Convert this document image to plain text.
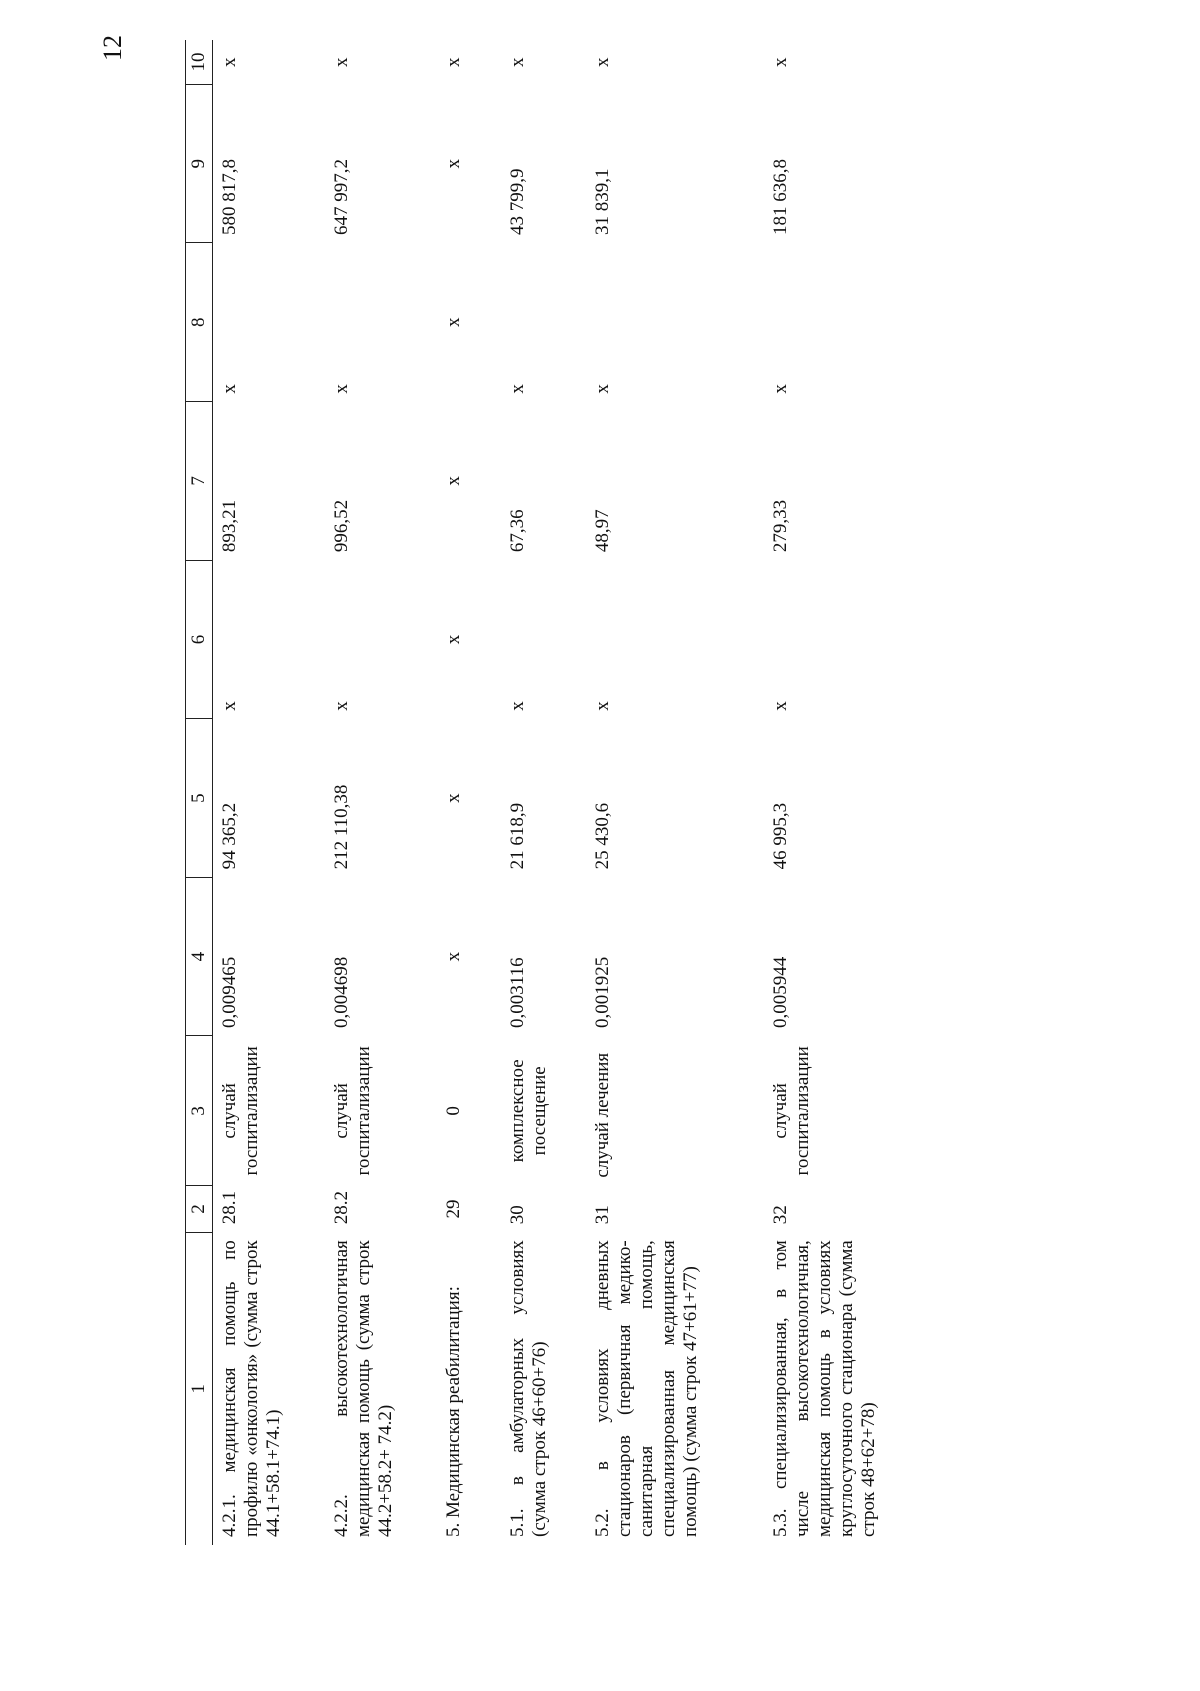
12
1	2	3	4	5	6	7	8	9	10
4.2.1. медицинская помощь по профилю «онкология» (сумма строк 44.1+58.1+74.1)	28.1	случай госпитализации	0,009465	94 365,2	х	893,21	х	580 817,8	х
4.2.2. высокотехнологичная медицинская помощь (сумма строк 44.2+58.2+ 74.2)	28.2	случай госпитализации	0,004698	212 110,38	х	996,52	х	647 997,2	х
5. Медицинская реабилитация:	29	0	х	х	х	х	х	х	х
5.1. в амбулаторных условиях (сумма строк 46+60+76)	30	комплексное посещение	0,003116	21 618,9	х	67,36	х	43 799,9	х
5.2. в условиях дневных стационаров (первичная медико-санитарная помощь, специализированная медицинская помощь) (сумма строк 47+61+77)	31	случай лечения	0,001925	25 430,6	х	48,97	х	31 839,1	х
5.3. специализированная, в том числе высокотехнологичная, медицинская помощь в условиях круглосуточного стационара (сумма строк 48+62+78)	32	случай госпитализации	0,005944	46 995,3	х	279,33	х	181 636,8	х
